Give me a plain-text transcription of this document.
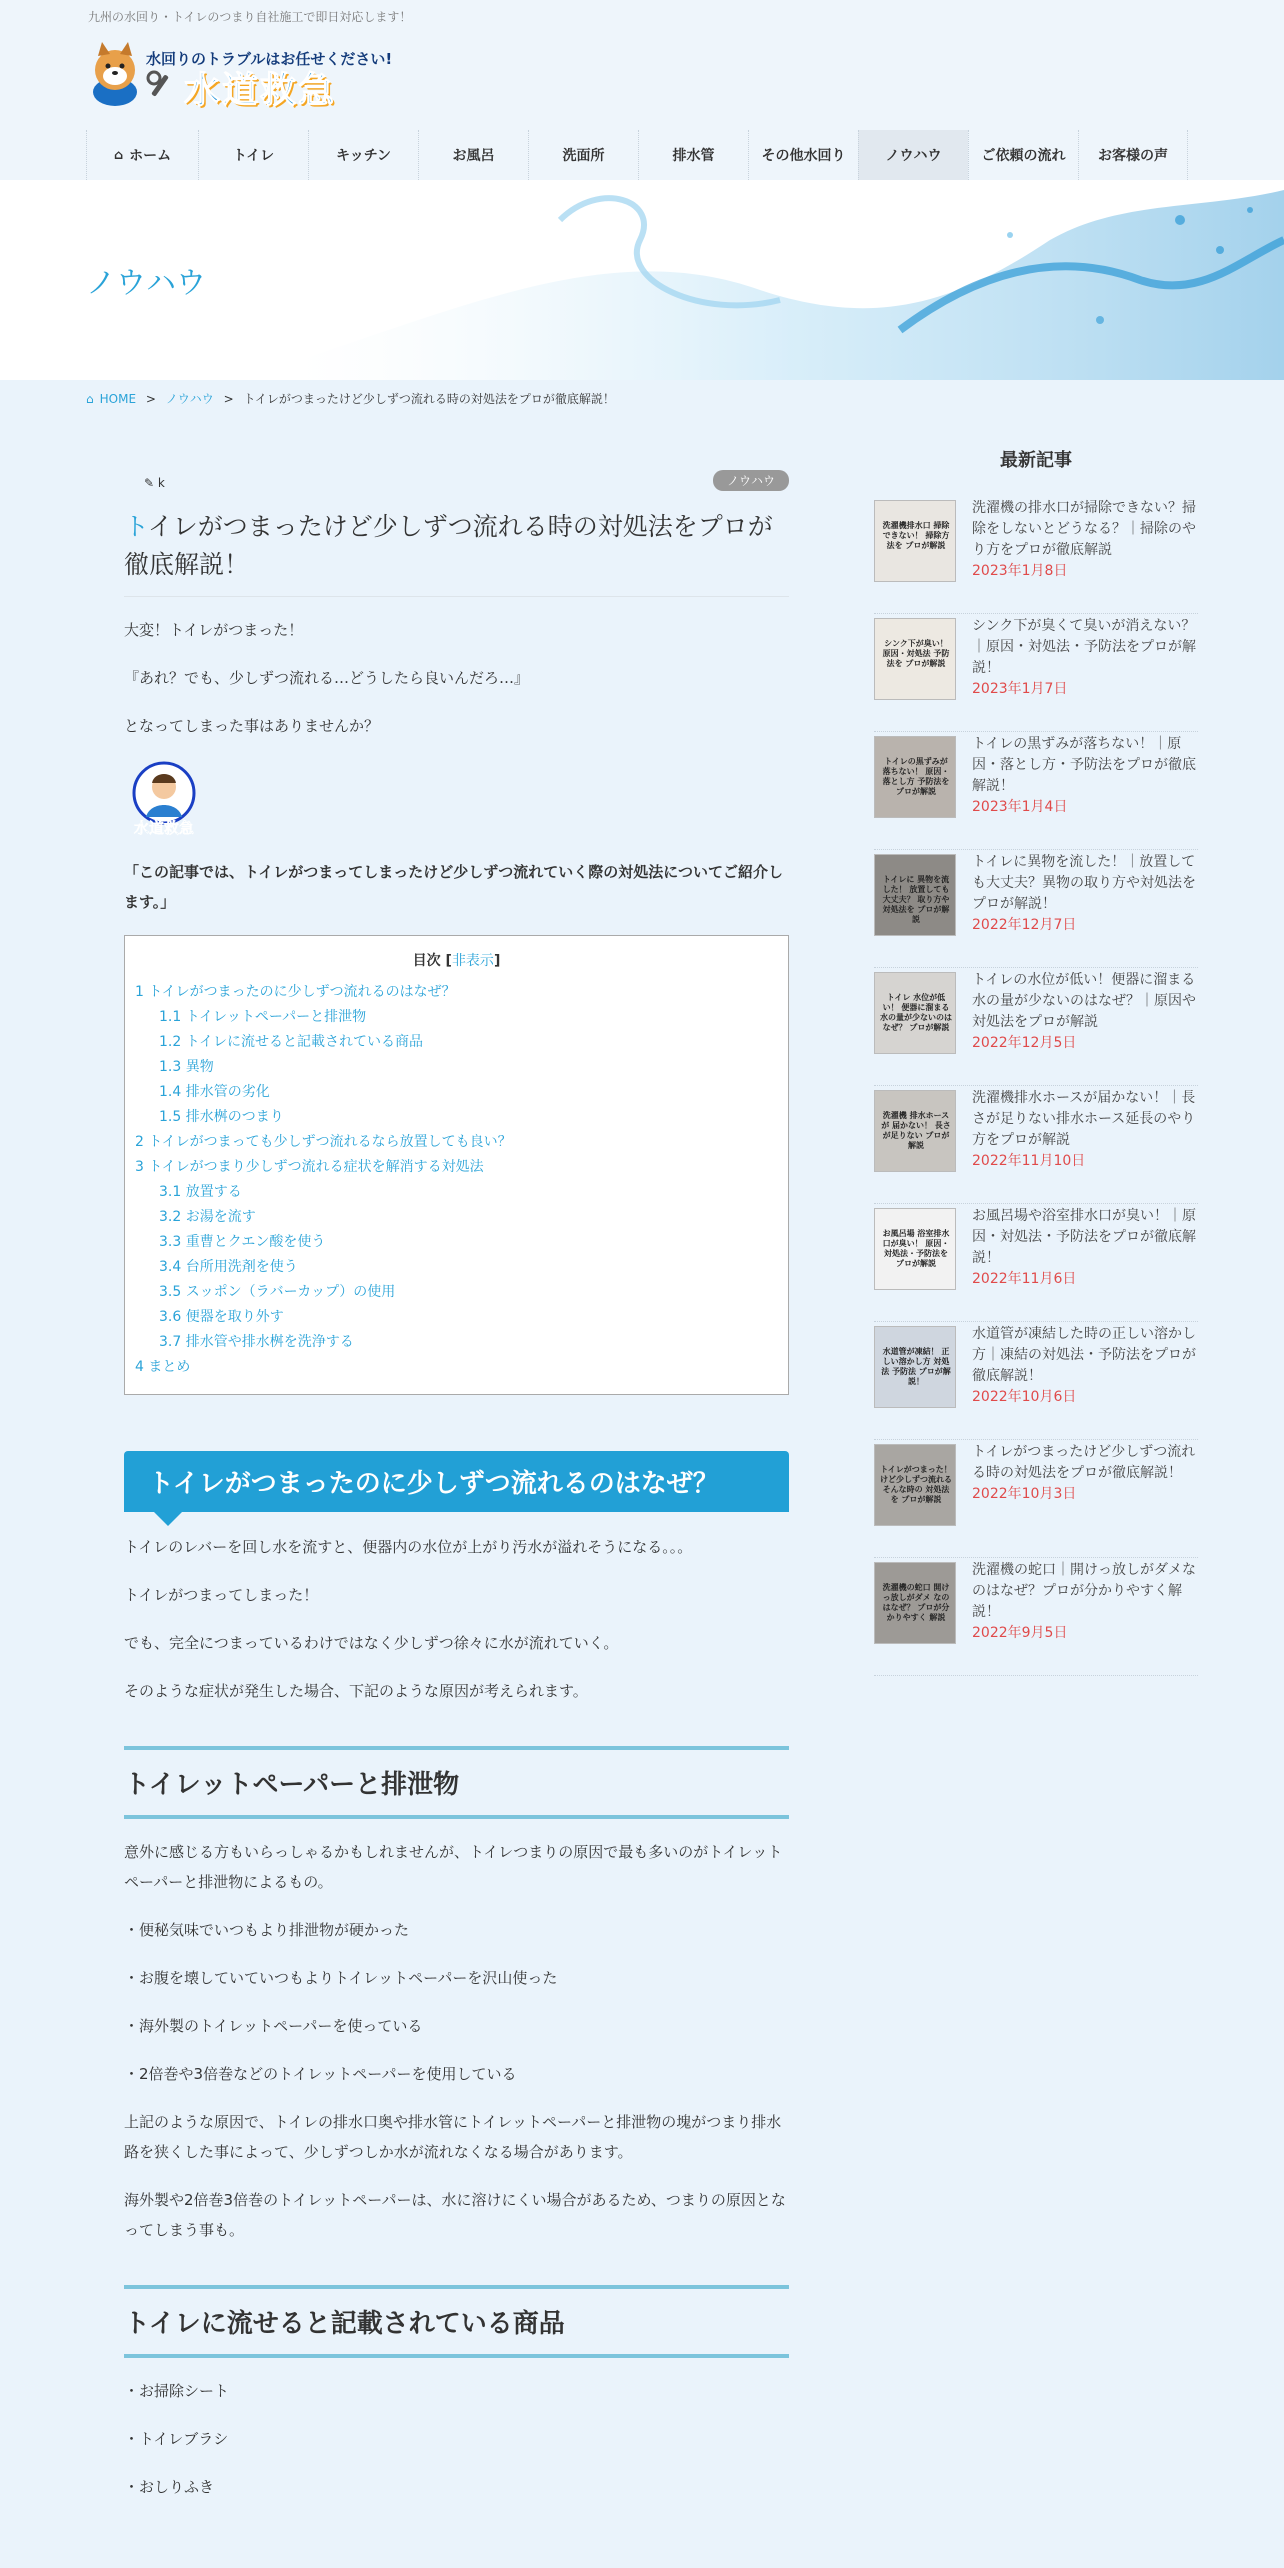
九州の水回り・トイレのつまり自社施工で即日対応します！
水回りのトラブルはお任せください!
水道救急
⌂ ホーム	トイレ	キッチン	お風呂	洗面所	排水管	その他水回り	ノウハウ	ご依頼の流れ お客様の声
ノウハウ
⌂ HOME > ノウハウ > トイレがつまったけど少しずつ流れる時の対処法をプロが徹底解説！
✎ k	ノウハウ
トイレがつまったけど少しずつ流れる時の対処法をプロが徹底解説！

大変！トイレがつまった！

『あれ？でも、少しずつ流れる…どうしたら良いんだろ…』

となってしまった事はありませんか？

水道救急

「この記事では、トイレがつまってしまったけど少しずつ流れていく際の対処法についてご紹介します。」

目次 [非表示]
1 トイレがつまったのに少しずつ流れるのはなぜ？
1.1 トイレットペーパーと排泄物
1.2 トイレに流せると記載されている商品
1.3 異物
1.4 排水管の劣化
1.5 排水桝のつまり
2 トイレがつまっても少しずつ流れるなら放置しても良い？
3 トイレがつまり少しずつ流れる症状を解消する対処法
3.1 放置する
3.2 お湯を流す
3.3 重曹とクエン酸を使う
3.4 台所用洗剤を使う
3.5 スッポン（ラバーカップ）の使用
3.6 便器を取り外す
3.7 排水管や排水桝を洗浄する
4 まとめ
トイレがつまったのに少しずつ流れるのはなぜ？

トイレのレバーを回し水を流すと、便器内の水位が上がり汚水が溢れそうになる。。。

トイレがつまってしまった！

でも、完全につまっているわけではなく少しずつ徐々に水が流れていく。

そのような症状が発生した場合、下記のような原因が考えられます。

トイレットペーパーと排泄物

意外に感じる方もいらっしゃるかもしれませんが、トイレつまりの原因で最も多いのがトイレットペーパーと排泄物によるもの。

・便秘気味でいつもより排泄物が硬かった

・お腹を壊していていつもよりトイレットペーパーを沢山使った

・海外製のトイレットペーパーを使っている

・2倍巻や3倍巻などのトイレットペーパーを使用している

上記のような原因で、トイレの排水口奥や排水管にトイレットペーパーと排泄物の塊がつまり排水路を狭くした事によって、少しずつしか水が流れなくなる場合があります。

海外製や2倍巻3倍巻のトイレットペーパーは、水に溶けにくい場合があるため、つまりの原因となってしまう事も。

トイレに流せると記載されている商品

・お掃除シート

・トイレブラシ

・おしりふき

最新記事
洗濯機排水口 掃除できない！ 掃除方法を プロが解説
洗濯機の排水口が掃除できない？掃除をしないとどうなる？｜掃除のやり方をプロが徹底解説
2023年1月8日
シンク下が臭い！ 原因・対処法 予防法を プロが解説
シンク下が臭くて臭いが消えない？｜原因・対処法・予防法をプロが解説！
2023年1月7日
トイレの黒ずみが 落ちない！ 原因・落とし方 予防法を プロが解説
トイレの黒ずみが落ちない！｜原因・落とし方・予防法をプロが徹底解説！
2023年1月4日
トイレに 異物を流した！ 放置しても大丈夫？ 取り方や対処法を プロが解説
トイレに異物を流した！｜放置しても大丈夫？異物の取り方や対処法をプロが解説！
2022年12月7日
トイレ 水位が低い！ 便器に溜まる 水の量が少ないのはなぜ？ プロが解説
トイレの水位が低い！便器に溜まる水の量が少ないのはなぜ？｜原因や対処法をプロが解説
2022年12月5日
洗濯機 排水ホースが 届かない！ 長さが足りない プロが解説
洗濯機排水ホースが届かない！｜長さが足りない排水ホース延長のやり方をプロが解説
2022年11月10日
お風呂場 浴室排水口が臭い！ 原因・対処法・予防法を プロが解説
お風呂場や浴室排水口が臭い！｜原因・対処法・予防法をプロが徹底解説！
2022年11月6日
水道管が凍結！ 正しい溶かし方 対処法 予防法 プロが解説！
水道管が凍結した時の正しい溶かし方｜凍結の対処法・予防法をプロが徹底解説！
2022年10月6日
トイレがつまった！ けど少しずつ流れる そんな時の 対処法を プロが解説
トイレがつまったけど少しずつ流れる時の対処法をプロが徹底解説！
2022年10月3日
洗濯機の蛇口 開けっ放しがダメ なのはなぜ？ プロが分かりやすく 解説
洗濯機の蛇口｜開けっ放しがダメなのはなぜ？プロが分かりやすく解説！
2022年9月5日
